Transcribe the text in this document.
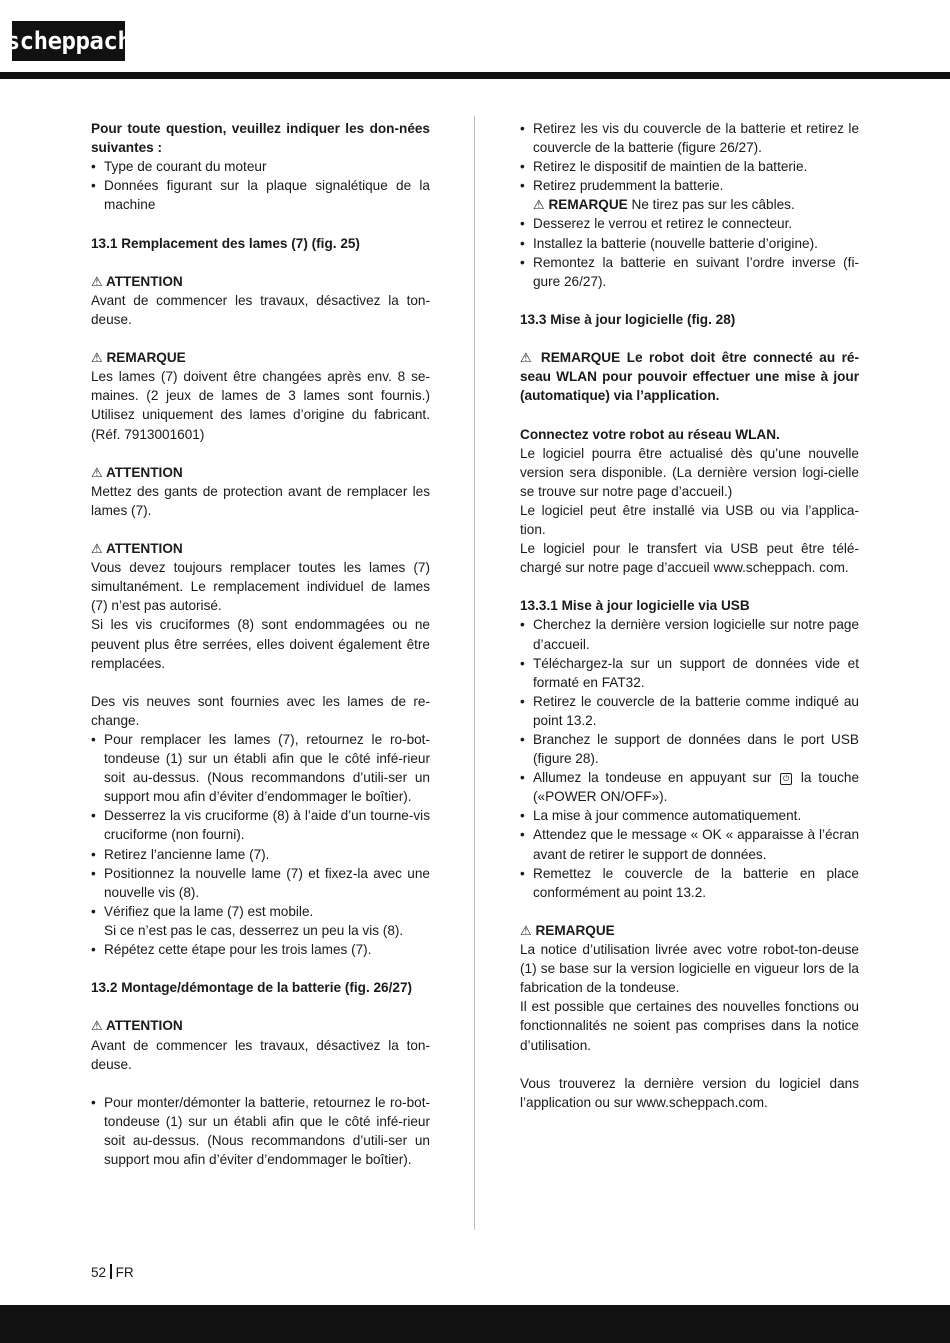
scheppach

Pour toute question, veuillez indiquer les don-nées suivantes :

• Type de courant du moteur
• Données figurant sur la plaque signalétique de la machine

13.1 Remplacement des lames (7) (fig. 25)

⚠ ATTENTION

Avant de commencer les travaux, désactivez la ton-deuse.

⚠ REMARQUE

Les lames (7) doivent être changées après env. 8 se-maines. (2 jeux de lames de 3 lames sont fournis.) Utilisez uniquement des lames d’origine du fabricant. (Réf. 7913001601)

⚠ ATTENTION

Mettez des gants de protection avant de remplacer les lames (7).

⚠ ATTENTION

Vous devez toujours remplacer toutes les lames (7) simultanément. Le remplacement individuel de lames (7) n’est pas autorisé.

Si les vis cruciformes (8) sont endommagées ou ne peuvent plus être serrées, elles doivent également être remplacées.

Des vis neuves sont fournies avec les lames de re-change.

• Pour remplacer les lames (7), retournez le ro-bot-tondeuse (1) sur un établi afin que le côté infé-rieur soit au-dessus. (Nous recommandons d’utili-ser un support mou afin d’éviter d’endommager le boîtier).
• Desserrez la vis cruciforme (8) à l’aide d’un tourne-vis cruciforme (non fourni).
• Retirez l’ancienne lame (7).
• Positionnez la nouvelle lame (7) et fixez-la avec une nouvelle vis (8).
• Vérifiez que la lame (7) est mobile.

Si ce n’est pas le cas, desserrez un peu la vis (8).

• Répétez cette étape pour les trois lames (7).

13.2 Montage/démontage de la batterie (fig. 26/27)

⚠ ATTENTION

Avant de commencer les travaux, désactivez la ton-deuse.

• Pour monter/démonter la batterie, retournez le ro-bot-tondeuse (1) sur un établi afin que le côté infé-rieur soit au-dessus. (Nous recommandons d’utili-ser un support mou afin d’éviter d’endommager le boîtier).
• Retirez les vis du couvercle de la batterie et retirez le couvercle de la batterie (figure 26/27).
• Retirez le dispositif de maintien de la batterie.
• Retirez prudemment la batterie.

⚠ REMARQUE Ne tirez pas sur les câbles.

• Desserez le verrou et retirez le connecteur.
• Installez la batterie (nouvelle batterie d’origine).
• Remontez la batterie en suivant l’ordre inverse (fi-gure 26/27).

13.3 Mise à jour logicielle (fig. 28)

⚠ REMARQUE Le robot doit être connecté au ré-seau WLAN pour pouvoir effectuer une mise à jour (automatique) via l’application.

Connectez votre robot au réseau WLAN.

Le logiciel pourra être actualisé dès qu’une nouvelle version sera disponible. (La dernière version logi-cielle se trouve sur notre page d’accueil.)

Le logiciel peut être installé via USB ou via l’applica-tion.

Le logiciel pour le transfert via USB peut être télé-chargé sur notre page d’accueil www.scheppach. com.

13.3.1 Mise à jour logicielle via USB

• Cherchez la dernière version logicielle sur notre page d’accueil.
• Téléchargez-la sur un support de données vide et formaté en FAT32.
• Retirez le couvercle de la batterie comme indiqué au point 13.2.
• Branchez le support de données dans le port USB (figure 28).
• Allumez la tondeuse en appuyant sur ⏻ la touche («POWER ON/OFF»).
• La mise à jour commence automatiquement.
• Attendez que le message « OK « apparaisse à l’écran avant de retirer le support de données.
• Remettez le couvercle de la batterie en place conformément au point 13.2.

⚠ REMARQUE

La notice d’utilisation livrée avec votre robot-ton-deuse (1) se base sur la version logicielle en vigueur lors de la fabrication de la tondeuse.

Il est possible que certaines des nouvelles fonctions ou fonctionnalités ne soient pas comprises dans la notice d’utilisation.

Vous trouverez la dernière version du logiciel dans l’application ou sur www.scheppach.com.

52 FR
